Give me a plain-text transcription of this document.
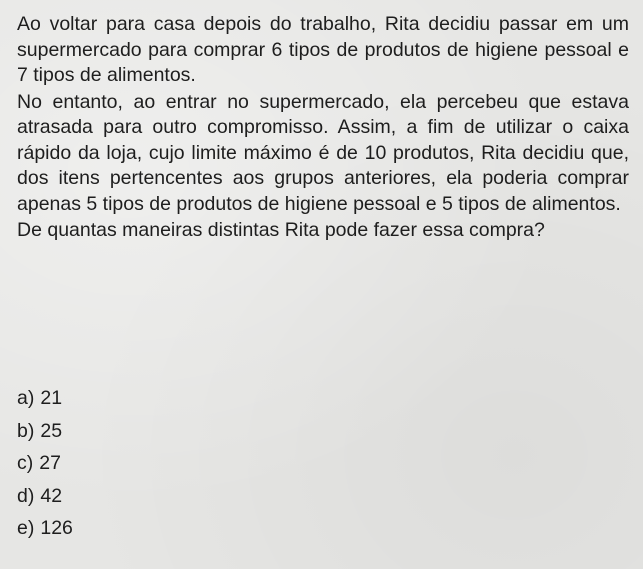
Ao voltar para casa depois do trabalho, Rita decidiu passar em um supermercado para comprar 6 tipos de produtos de higiene pessoal e 7 tipos de alimentos.

No entanto, ao entrar no supermercado, ela percebeu que estava atrasada para outro compromisso. Assim, a fim de utilizar o caixa rápido da loja, cujo limite máximo é de 10 produtos, Rita decidiu que, dos itens pertencentes aos grupos anteriores, ela poderia comprar apenas 5 tipos de produtos de higiene pessoal e 5 tipos de alimentos.

De quantas maneiras distintas Rita pode fazer essa compra?

a) 21
b) 25
c) 27
d) 42
e) 126
